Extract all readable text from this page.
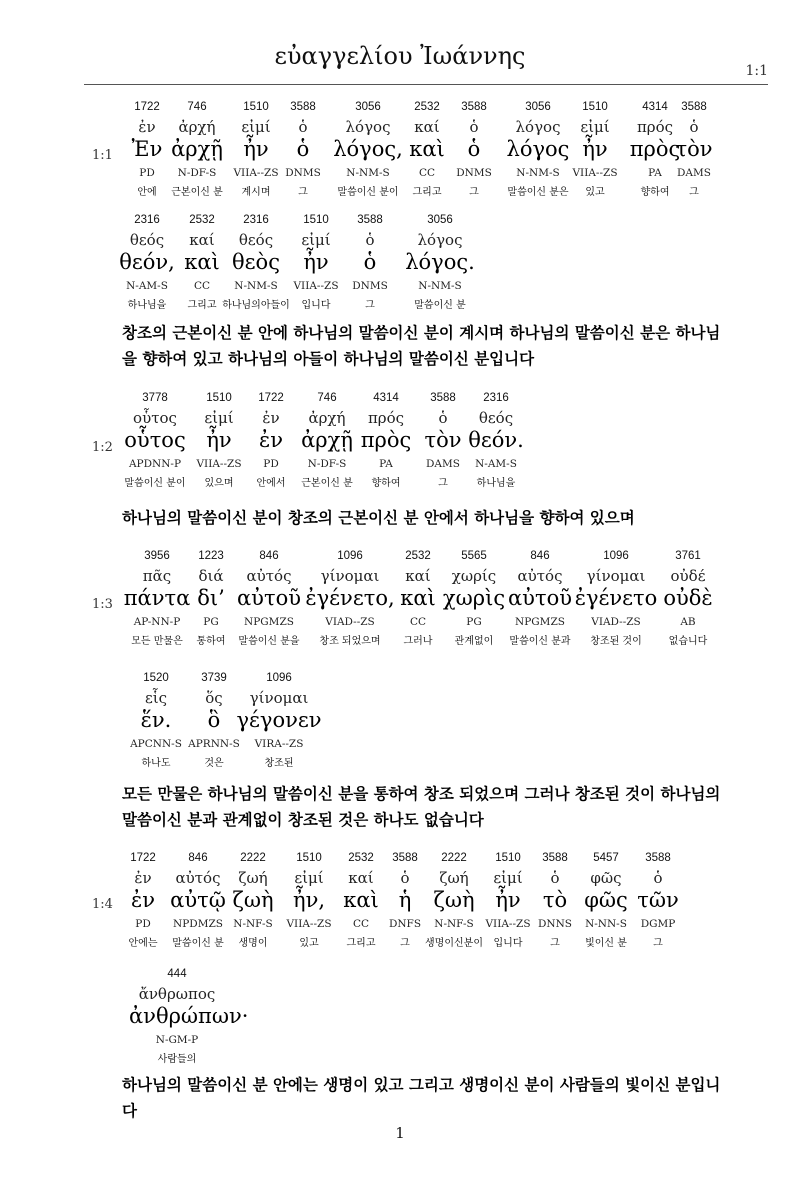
εὐαγγελίου Ἰωάννης
1:1
1:1
1722
ἐν
Ἐν
PD
안에
746
ἀρχή
ἀρχῇ
N-DF-S
근본이신 분
1510
εἰμί
ἦν
VIIA--ZS
계시며
3588
ὁ
ὁ
DNMS
그
3056
λόγος
λόγος,
N-NM-S
말씀이신 분이
2532
καί
καὶ
CC
그리고
3588
ὁ
ὁ
DNMS
그
3056
λόγος
λόγος
N-NM-S
말씀이신 분은
1510
εἰμί
ἦν
VIIA--ZS
있고
4314
πρός
πρὸς
PA
향하여
3588
ὁ
τὸν
DAMS
그
2316
θεός
θεόν,
N-AM-S
하나님을
2532
καί
καὶ
CC
그리고
2316
θεός
θεὸς
N-NM-S
하나님의아들이
1510
εἰμί
ἦν
VIIA--ZS
입니다
3588
ὁ
ὁ
DNMS
그
3056
λόγος
λόγος.
N-NM-S
말씀이신 분
창조의 근본이신 분 안에 하나님의 말씀이신 분이 계시며 하나님의 말씀이신 분은 하나님을 향하여 있고 하나님의 아들이 하나님의 말씀이신 분입니다
1:2
3778
οὗτος
οὗτος
APDNN-P
말씀이신 분이
1510
εἰμί
ἦν
VIIA--ZS
있으며
1722
ἐν
ἐν
PD
안에서
746
ἀρχή
ἀρχῇ
N-DF-S
근본이신 분
4314
πρός
πρὸς
PA
향하여
3588
ὁ
τὸν
DAMS
그
2316
θεός
θεόν.
N-AM-S
하나님을
하나님의 말씀이신 분이 창조의 근본이신 분 안에서 하나님을 향하여 있으며
1:3
3956
πᾶς
πάντα
AP-NN-P
모든 만물은
1223
διά
δι’
PG
통하여
846
αὐτός
αὐτοῦ
NPGMZS
말씀이신 분을
1096
γίνομαι
ἐγένετο,
VIAD--ZS
창조 되었으며
2532
καί
καὶ
CC
그러나
5565
χωρίς
χωρὶς
PG
관계없이
846
αὐτός
αὐτοῦ
NPGMZS
말씀이신 분과
1096
γίνομαι
ἐγένετο
VIAD--ZS
창조된 것이
3761
οὐδέ
οὐδὲ
AB
없습니다
1520
εἷς
ἕν.
APCNN-S
하나도
3739
ὅς
ὃ
APRNN-S
것은
1096
γίνομαι
γέγονεν
VIRA--ZS
창조된
모든 만물은 하나님의 말씀이신 분을 통하여 창조 되었으며 그러나 창조된 것이 하나님의 말씀이신 분과 관계없이 창조된 것은 하나도 없습니다
1:4
1722
ἐν
ἐν
PD
안에는
846
αὐτός
αὐτῷ
NPDMZS
말씀이신 분
2222
ζωή
ζωὴ
N-NF-S
생명이
1510
εἰμί
ἦν,
VIIA--ZS
있고
2532
καί
καὶ
CC
그리고
3588
ὁ
ἡ
DNFS
그
2222
ζωή
ζωὴ
N-NF-S
생명이신분이
1510
εἰμί
ἦν
VIIA--ZS
입니다
3588
ὁ
τὸ
DNNS
그
5457
φῶς
φῶς
N-NN-S
빛이신 분
3588
ὁ
τῶν
DGMP
그
444
ἄνθρωπος
ἀνθρώπων·
N-GM-P
사람들의
하나님의 말씀이신 분 안에는 생명이 있고 그리고 생명이신 분이 사람들의 빛이신 분입니다
1
